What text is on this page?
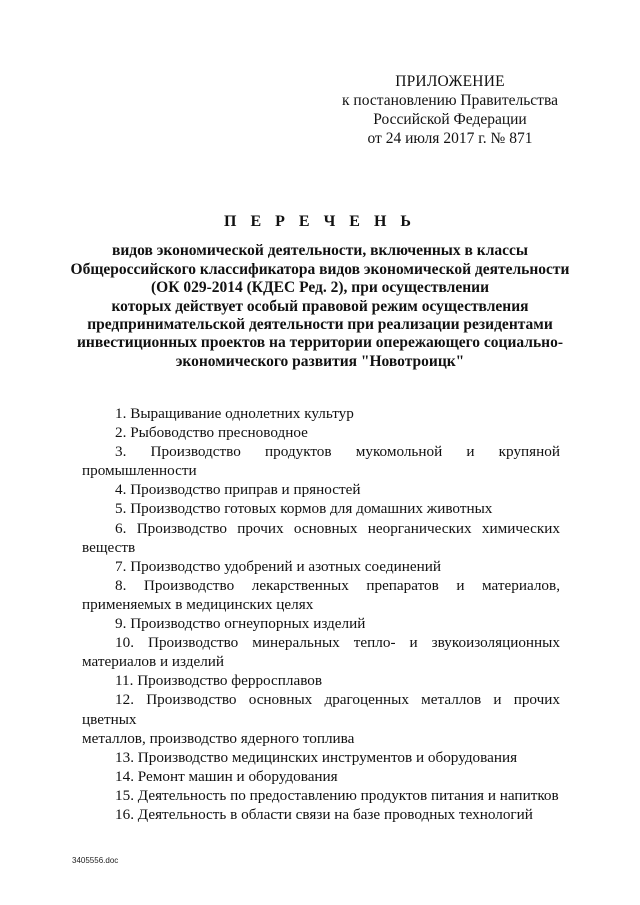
ПРИЛОЖЕНИЕ
к постановлению Правительства
Российской Федерации
от 24 июля 2017 г. № 871
П Е Р Е Ч Е Н Ь
видов экономической деятельности, включенных в классы
Общероссийского классификатора видов экономической деятельности
(ОК 029-2014 (КДЕС Ред. 2), при осуществлении
которых действует особый правовой режим осуществления
предпринимательской деятельности при реализации резидентами
инвестиционных проектов на территории опережающего социально-
экономического развития "Новотроицк"
1. Выращивание однолетних культур
2. Рыбоводство пресноводное
3. Производство продуктов мукомольной и крупяной
промышленности
4. Производство приправ и пряностей
5. Производство готовых кормов для домашних животных
6. Производство прочих основных неорганических химических
веществ
7. Производство удобрений и азотных соединений
8. Производство лекарственных препаратов и материалов,
применяемых в медицинских целях
9. Производство огнеупорных изделий
10. Производство минеральных тепло- и звукоизоляционных
материалов и изделий
11. Производство ферросплавов
12. Производство основных драгоценных металлов и прочих цветных
металлов, производство ядерного топлива
13. Производство медицинских инструментов и оборудования
14. Ремонт машин и оборудования
15. Деятельность по предоставлению продуктов питания и напитков
16. Деятельность в области связи на базе проводных технологий
3405556.doc
